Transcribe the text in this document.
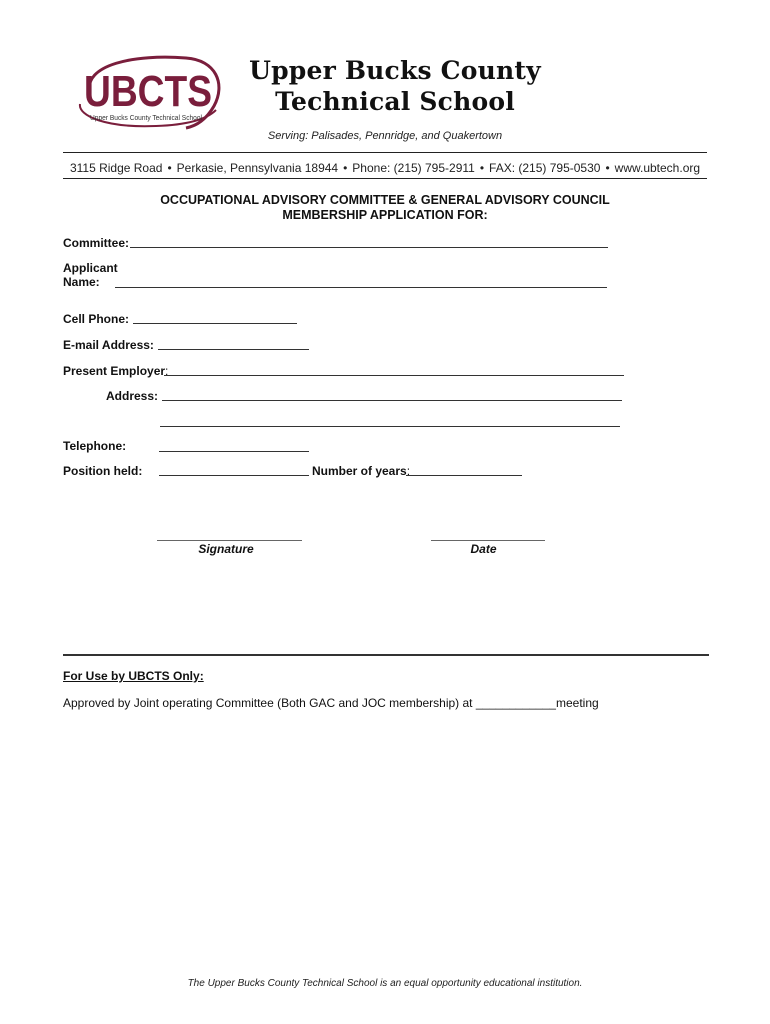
UBCTS
Upper Bucks County Technical School
Upper Bucks County
Technical School
Serving: Palisades, Pennridge, and Quakertown
3115 Ridge Road • Perkasie, Pennsylvania 18944 • Phone: (215) 795-2911 • FAX: (215) 795-0530 • www.ubtech.org
OCCUPATIONAL ADVISORY COMMITTEE & GENERAL ADVISORY COUNCIL
MEMBERSHIP APPLICATION FOR:
Committee:
Applicant
Name:
Cell Phone:
E-mail Address:
Present Employer:
Address:
Telephone:
Position held:	Number of years:
Signature	Date
For Use by UBCTS Only:
Approved by Joint operating Committee (Both GAC and JOC membership) at ____________meeting
The Upper Bucks County Technical School is an equal opportunity educational institution.
